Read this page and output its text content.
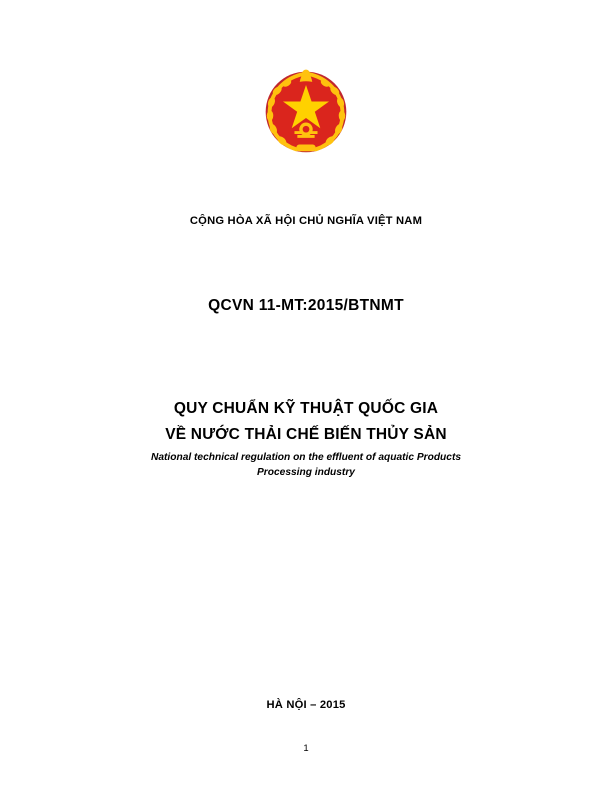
CỘNG HÒA XÃ HỘI CHỦ NGHĨA VIỆT NAM
QCVN 11-MT:2015/BTNMT
QUY CHUẨN KỸ THUẬT QUỐC GIA
VỀ NƯỚC THẢI CHẾ BIẾN THỦY SẢN
National technical regulation on the effluent of aquatic Products
Processing industry
HÀ NỘI – 2015
1
